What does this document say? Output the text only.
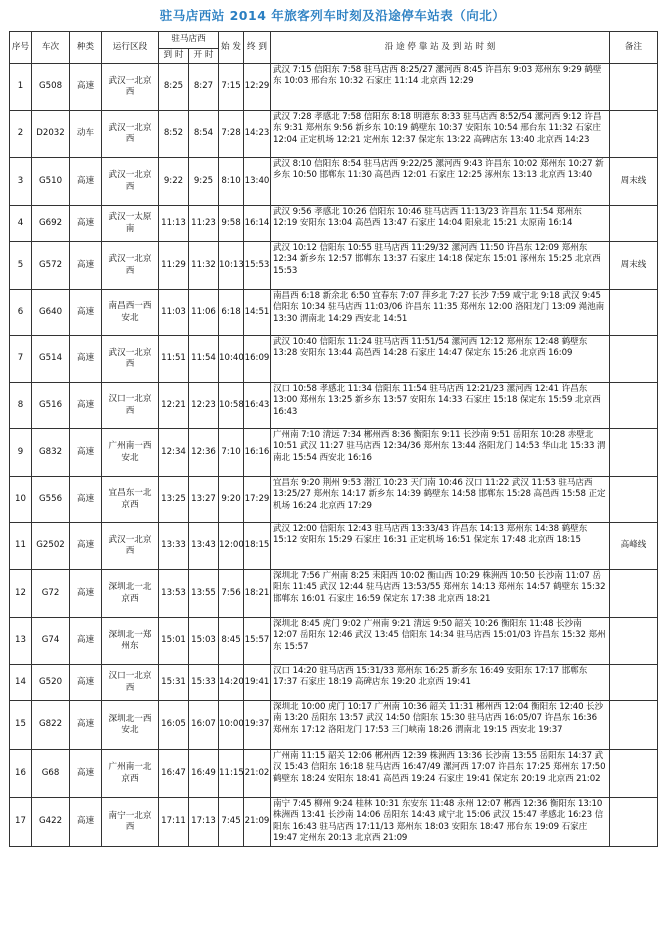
驻马店西站 2014 年旅客列车时刻及沿途停车站表（向北）
序号	车次	种类	运行区段	驻马店西		始 发	终 到	沿 途 停 靠 站 及 到 站 时 刻	备注
				到 时	开 时				
1	G508	高速	武汉一北京西	8:25	8:27	7:15	12:29	武汉 7:15 信阳东 7:58 驻马店西 8:25/27 漯河西 8:45 许昌东 9:03 郑州东 9:29 鹤壁东 10:03 邢台东 10:32 石家庄 11:14 北京西 12:29	
2	D2032	动车	武汉一北京西	8:52	8:54	7:28	14:23	武汉 7:28 孝感北 7:58 信阳东 8:18 明港东 8:33 驻马店西 8:52/54 漯河西 9:12 许昌东 9:31 郑州东 9:56 新乡东 10:19 鹤壁东 10:37 安阳东 10:54 邢台东 11:32 石家庄 12:04 正定机场 12:21 定州东 12:37 保定东 13:22 高碑店东 13:40 北京西 14:23	
3	G510	高速	武汉一北京西	9:22	9:25	8:10	13:40	武汉 8:10 信阳东 8:54 驻马店西 9:22/25 漯河西 9:43 许昌东 10:02 郑州东 10:27 新乡东 10:50 邯郸东 11:30 高邑西 12:01 石家庄 12:25 涿州东 13:13 北京西 13:40	周末线
4	G692	高速	武汉一太原南	11:13	11:23	9:58	16:14	武汉 9:56 孝感北 10:26 信阳东 10:46 驻马店西 11:13/23 许昌东 11:54 郑州东 12:19 安阳东 13:04 高邑西 13:47 石家庄 14:04 阳泉北 15:21 太原南 16:14	
5	G572	高速	武汉一北京西	11:29	11:32	10:13	15:53	武汉 10:12 信阳东 10:55 驻马店西 11:29/32 漯河西 11:50 许昌东 12:09 郑州东 12:34 新乡东 12:57 邯郸东 13:37 石家庄 14:18 保定东 15:01 涿州东 15:25 北京西 15:53	周末线
6	G640	高速	南昌西一西安北	11:03	11:06	6:18	14:51	南昌西 6:18 新余北 6:50 宜春东 7:07 萍乡北 7:27 长沙 7:59 咸宁北 9:18 武汉 9:45 信阳东 10:34 驻马店西 11:03/06 许昌东 11:35 郑州东 12:00 洛阳龙门 13:09 渑池南 13:30 渭南北 14:29 西安北 14:51	
7	G514	高速	武汉一北京西	11:51	11:54	10:40	16:09	武汉 10:40 信阳东 11:24 驻马店西 11:51/54 漯河西 12:12 郑州东 12:48 鹤壁东 13:28 安阳东 13:44 高邑西 14:28 石家庄 14:47 保定东 15:26 北京西 16:09	
8	G516	高速	汉口一北京西	12:21	12:23	10:58	16:43	汉口 10:58 孝感北 11:34 信阳东 11:54 驻马店西 12:21/23 漯河西 12:41 许昌东 13:00 郑州东 13:25 新乡东 13:57 安阳东 14:33 石家庄 15:18 保定东 15:59 北京西 16:43	
9	G832	高速	广州南一西安北	12:34	12:36	7:10	16:16	广州南 7:10 清远 7:34 郴州西 8:36 衡阳东 9:11 长沙南 9:51 岳阳东 10:28 赤壁北 10:51 武汉 11:27 驻马店西 12:34/36 郑州东 13:44 洛阳龙门 14:53 华山北 15:33 渭南北 15:54 西安北 16:16	
10	G556	高速	宜昌东一北京西	13:25	13:27	9:20	17:29	宜昌东 9:20 荆州 9:53 潜江 10:23 天门南 10:46 汉口 11:22 武汉 11:53 驻马店西 13:25/27 郑州东 14:17 新乡东 14:39 鹤壁东 14:58 邯郸东 15:28 高邑西 15:58 正定机场 16:24 北京西 17:29	
11	G2502	高速	武汉一北京西	13:33	13:43	12:00	18:15	武汉 12:00 信阳东 12:43 驻马店西 13:33/43 许昌东 14:13 郑州东 14:38 鹤壁东 15:12 安阳东 15:29 石家庄 16:31 正定机场 16:51 保定东 17:48 北京西 18:15	高峰线
12	G72	高速	深圳北一北京西	13:53	13:55	7:56	18:21	深圳北 7:56 广州南 8:25 耒阳西 10:02 衡山西 10:29 株洲西 10:50 长沙南 11:07 岳阳东 11:45 武汉 12:44 驻马店西 13:53/55 郑州东 14:13 郑州东 14:57 鹤壁东 15:32 邯郸东 16:01 石家庄 16:59 保定东 17:38 北京西 18:21	
13	G74	高速	深圳北一郑州东	15:01	15:03	8:45	15:57	深圳北 8:45 虎门 9:02 广州南 9:21 清远 9:50 韶关 10:26 衡阳东 11:48 长沙南 12:07 岳阳东 12:46 武汉 13:45 信阳东 14:34 驻马店西 15:01/03 许昌东 15:32 郑州东 15:57	
14	G520	高速	汉口一北京西	15:31	15:33	14:20	19:41	汉口 14:20 驻马店西 15:31/33 郑州东 16:25 新乡东 16:49 安阳东 17:17 邯郸东 17:37 石家庄 18:19 高碑店东 19:20 北京西 19:41	
15	G822	高速	深圳北一西安北	16:05	16:07	10:00	19:37	深圳北 10:00 虎门 10:17 广州南 10:36 韶关 11:31 郴州西 12:04 衡阳东 12:40 长沙南 13:20 岳阳东 13:57 武汉 14:50 信阳东 15:30 驻马店西 16:05/07 许昌东 16:36 郑州东 17:12 洛阳龙门 17:53 三门峡南 18:26 渭南北 19:15 西安北 19:37	
16	G68	高速	广州南一北京西	16:47	16:49	11:15	21:02	广州南 11:15 韶关 12:06 郴州西 12:39 株洲西 13:36 长沙南 13:55 岳阳东 14:37 武汉 15:43 信阳东 16:18 驻马店西 16:47/49 漯河西 17:07 许昌东 17:25 郑州东 17:50 鹤壁东 18:24 安阳东 18:41 高邑西 19:24 石家庄 19:41 保定东 20:19 北京西 21:02	
17	G422	高速	南宁一北京西	17:11	17:13	7:45	21:09	南宁 7:45 柳州 9:24 桂林 10:31 东安东 11:48 永州 12:07 郴西 12:36 衡阳东 13:10 株洲西 13:41 长沙南 14:06 岳阳东 14:43 咸宁北 15:06 武汉 15:47 孝感北 16:23 信阳东 16:43 驻马店西 17:11/13 郑州东 18:03 安阳东 18:47 邢台东 19:09 石家庄 19:47 定州东 20:13 北京西 21:09	
